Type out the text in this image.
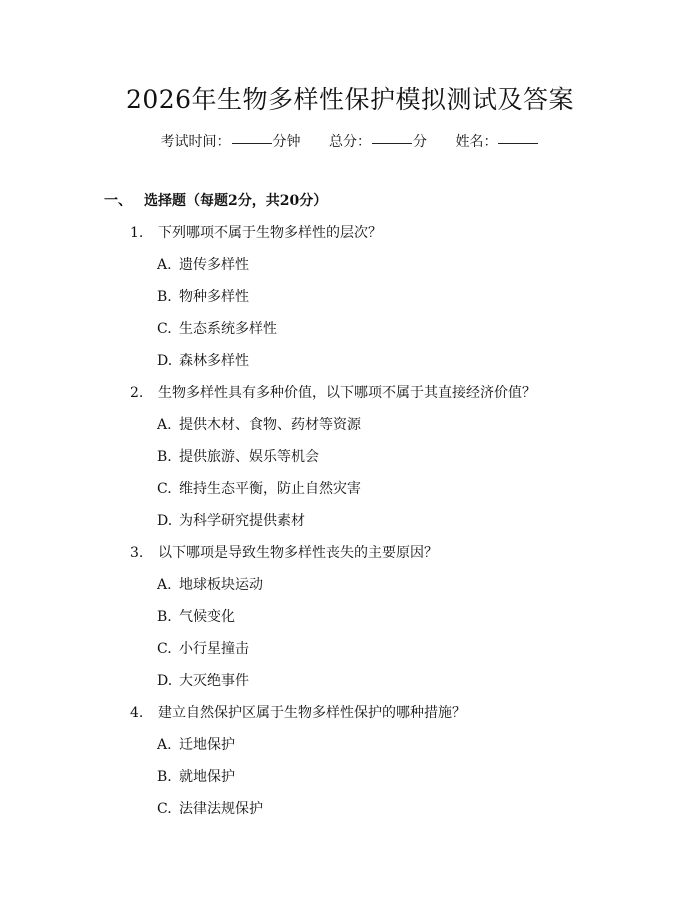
2026年生物多样性保护模拟测试及答案
考试时间：	分钟 总分：	分 姓名：
一、 选择题（每题2分，共20分）
1. 下列哪项不属于生物多样性的层次？
A. 遗传多样性
B. 物种多样性
C. 生态系统多样性
D. 森林多样性
2. 生物多样性具有多种价值，以下哪项不属于其直接经济价值？
A. 提供木材、食物、药材等资源
B. 提供旅游、娱乐等机会
C. 维持生态平衡，防止自然灾害
D. 为科学研究提供素材
3. 以下哪项是导致生物多样性丧失的主要原因？
A. 地球板块运动
B. 气候变化
C. 小行星撞击
D. 大灭绝事件
4. 建立自然保护区属于生物多样性保护的哪种措施？
A. 迁地保护
B. 就地保护
C. 法律法规保护
